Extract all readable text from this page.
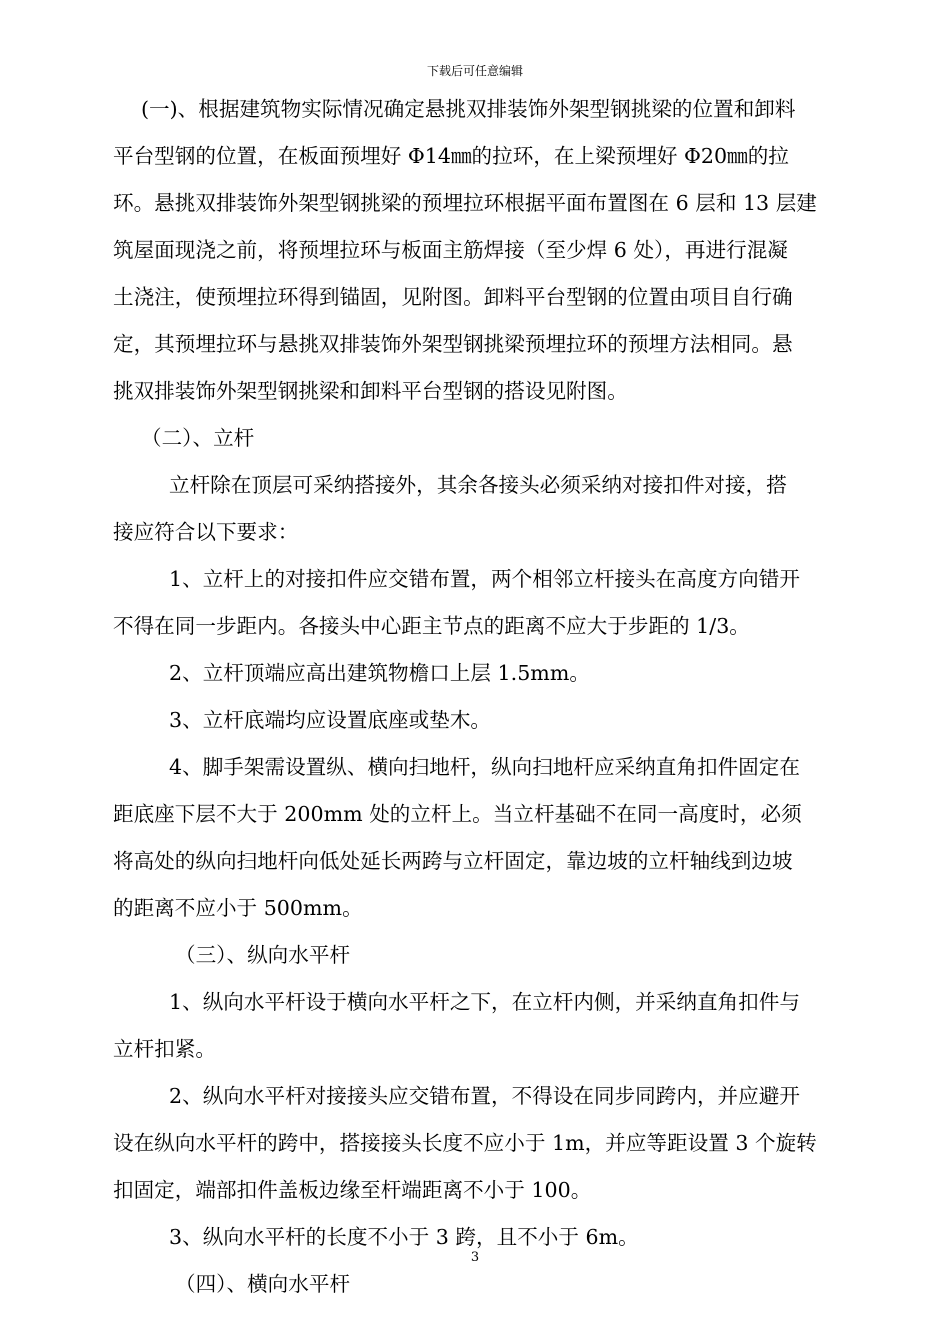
下载后可任意编辑

(一)、根据建筑物实际情况确定悬挑双排装饰外架型钢挑梁的位置和卸料

平台型钢的位置，在板面预埋好 Φ14㎜的拉环，在上梁预埋好 Φ20㎜的拉

环。悬挑双排装饰外架型钢挑梁的预埋拉环根据平面布置图在 6 层和 13 层建

筑屋面现浇之前，将预埋拉环与板面主筋焊接（至少焊 6 处），再进行混凝

土浇注，使预埋拉环得到锚固，见附图。卸料平台型钢的位置由项目自行确

定，其预埋拉环与悬挑双排装饰外架型钢挑梁预埋拉环的预埋方法相同。悬

挑双排装饰外架型钢挑梁和卸料平台型钢的搭设见附图。

（二）、立杆

立杆除在顶层可采纳搭接外，其余各接头必须采纳对接扣件对接，搭

接应符合以下要求：

1、立杆上的对接扣件应交错布置，两个相邻立杆接头在高度方向错开

不得在同一步距内。各接头中心距主节点的距离不应大于步距的 1/3。

2、立杆顶端应高出建筑物檐口上层 1.5mm。

3、立杆底端均应设置底座或垫木。

4、脚手架需设置纵、横向扫地杆，纵向扫地杆应采纳直角扣件固定在

距底座下层不大于 200mm 处的立杆上。当立杆基础不在同一高度时，必须

将高处的纵向扫地杆向低处延长两跨与立杆固定，靠边坡的立杆轴线到边坡

的距离不应小于 500mm。

（三）、纵向水平杆

1、纵向水平杆设于横向水平杆之下，在立杆内侧，并采纳直角扣件与

立杆扣紧。

2、纵向水平杆对接接头应交错布置，不得设在同步同跨内，并应避开

设在纵向水平杆的跨中，搭接接头长度不应小于 1m，并应等距设置 3 个旋转

扣固定，端部扣件盖板边缘至杆端距离不小于 100。

3、纵向水平杆的长度不小于 3 跨，且不小于 6m。

（四）、横向水平杆

3
